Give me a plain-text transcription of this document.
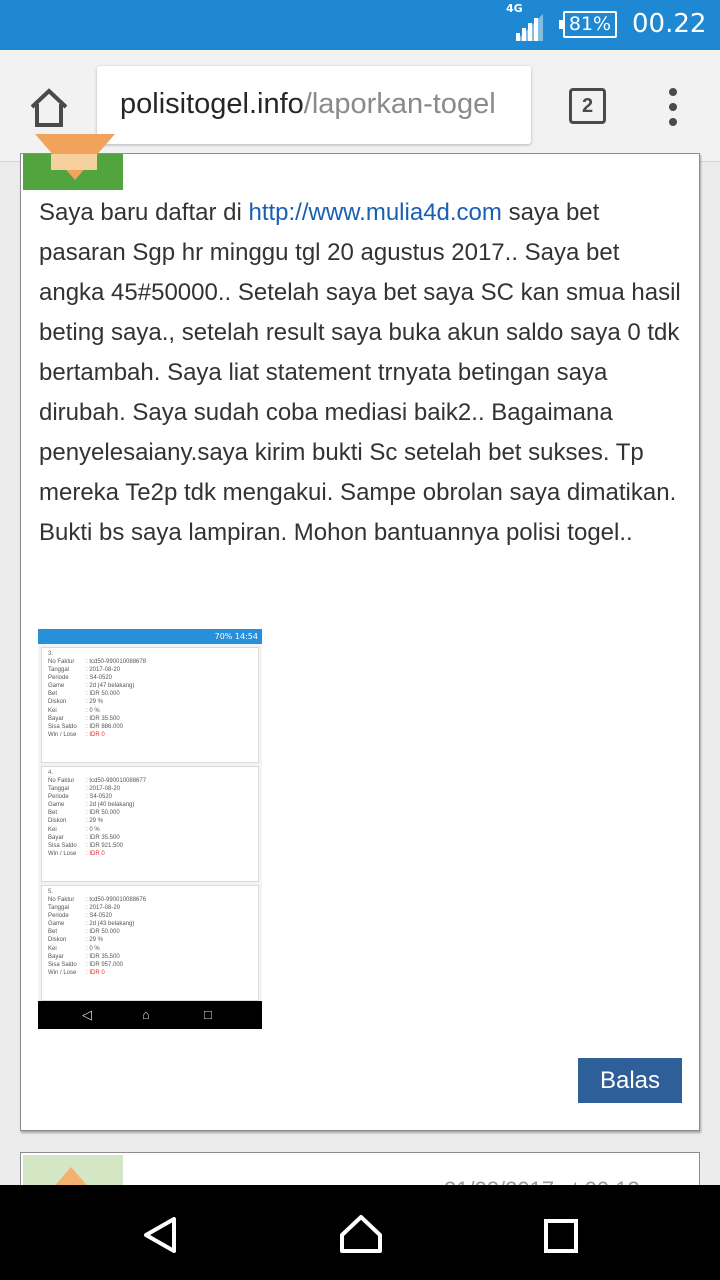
4G
81% 00.22
polisitogel.info/laporkan-togel	2

Saya baru daftar di http://www.mulia4d.com saya bet pasaran Sgp hr minggu tgl 20 agustus 2017.. Saya bet angka 45#50000.. Setelah saya bet saya SC kan smua hasil beting saya., setelah result saya buka akun saldo saya 0 tdk bertambah. Saya liat statement trnyata betingan saya dirubah. Saya sudah coba mediasi baik2.. Bagaimana penyelesaiany.saya kirim bukti Sc setelah bet sukses. Tp mereka Te2p tdk mengakui. Sampe obrolan saya dimatikan. Bukti bs saya lampiran. Mohon bantuannya polisi togel..

70% 14:54
3.
No Faktur	: tcd50-990010088678
Tanggal	: 2017-08-20
Periode	: S4-0520
Game	: 2d (47 belakang)
Bet	: IDR 50.000
Diskon	: 29 %
Kei	: 0 %
Bayar	: IDR 35.500
Sisa Saldo	: IDR 886.000
Win / Lose	: IDR 0
4.
No Faktur	: tcd50-990010088677
Tanggal	: 2017-08-20
Periode	: S4-0520
Game	: 2d (40 belakang)
Bet	: IDR 50.000
Diskon	: 29 %
Kei	: 0 %
Bayar	: IDR 35.500
Sisa Saldo	: IDR 921.500
Win / Lose	: IDR 0
5.
No Faktur	: tcd50-990010088676
Tanggal	: 2017-08-20
Periode	: S4-0520
Game	: 2d (43 belakang)
Bet	: IDR 50.000
Diskon	: 29 %
Kei	: 0 %
Bayar	: IDR 35.500
Sisa Saldo	: IDR 957.000
Win / Lose	: IDR 0
◁	⌂	□
Balas
